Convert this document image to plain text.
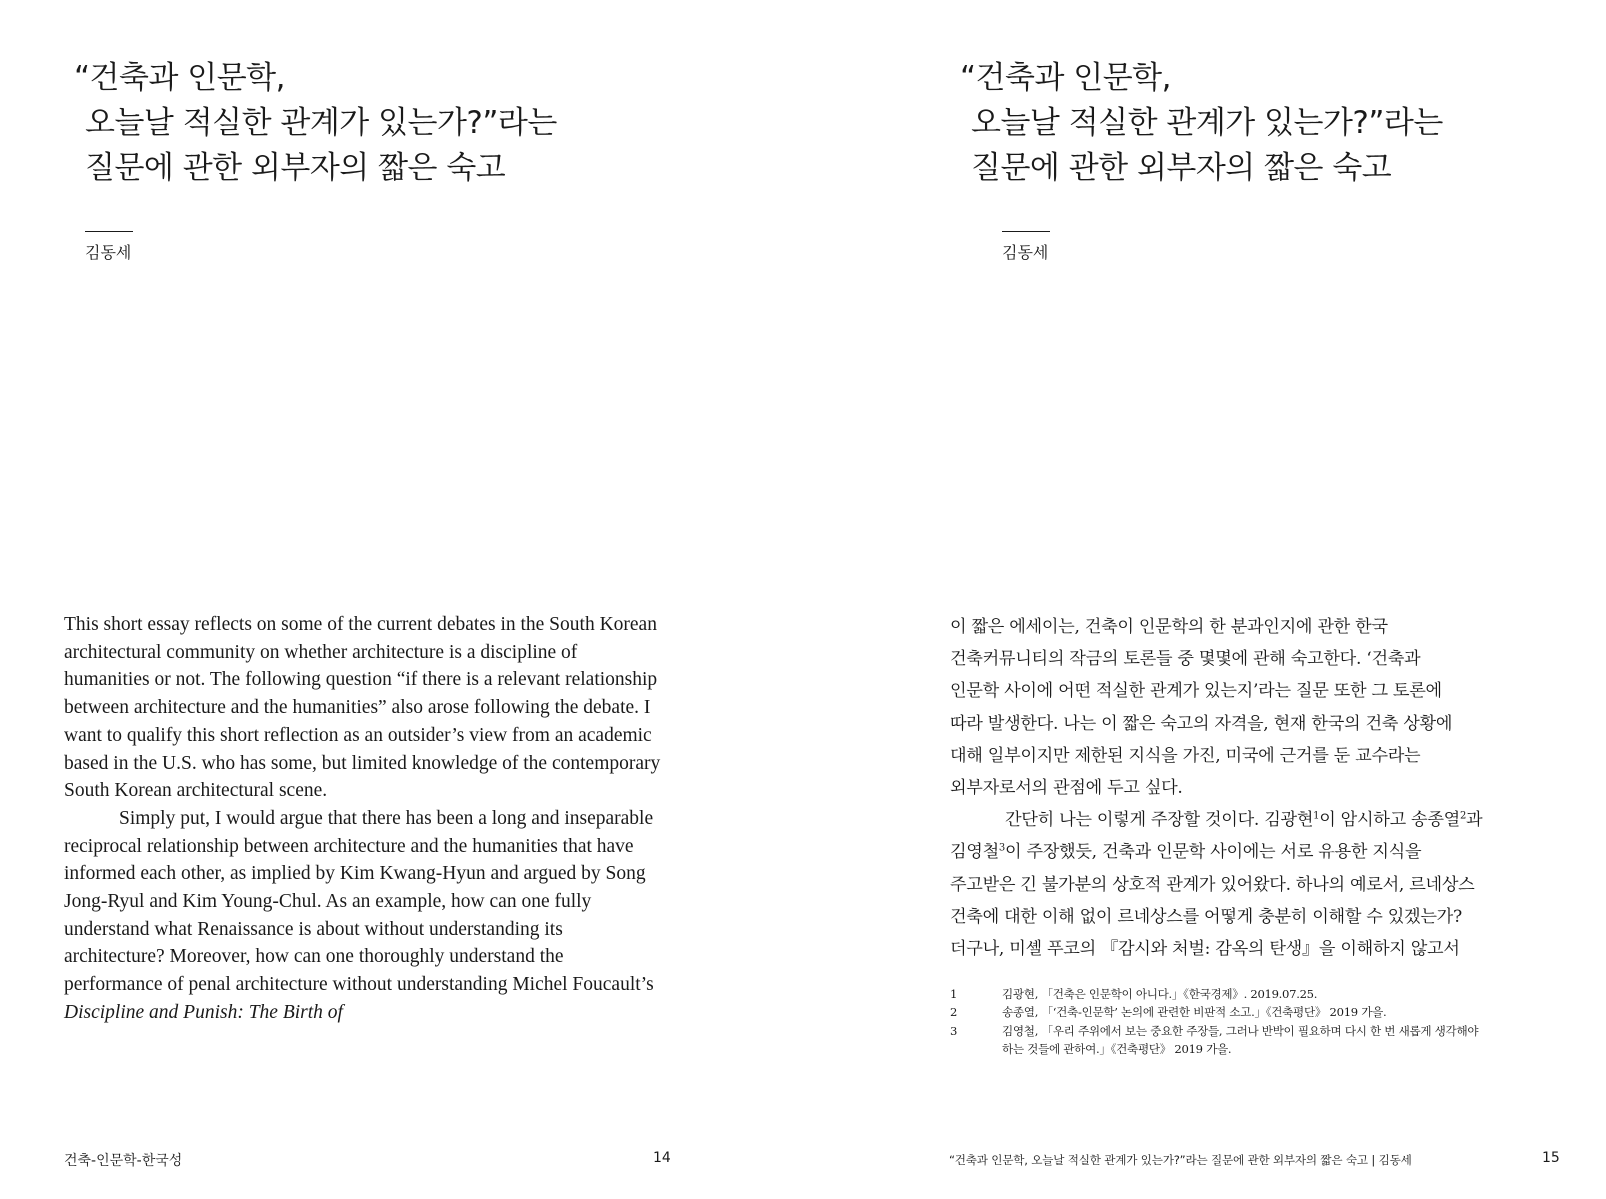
“건축과 인문학,
오늘날 적실한 관계가 있는가?”라는
질문에 관한 외부자의 짧은 숙고
김동세

This short essay reflects on some of the current debates in the South Korean architectural community on whether architecture is a discipline of humanities or not. The following question “if there is a relevant relationship between architecture and the humanities” also arose following the debate. I want to qualify this short reflection as an outsider’s view from an academic based in the U.S. who has some, but limited knowledge of the contemporary South Korean architectural scene.

Simply put, I would argue that there has been a long and inseparable reciprocal relationship between architecture and the humanities that have informed each other, as implied by Kim Kwang-Hyun and argued by Song Jong-Ryul and Kim Young-Chul. As an example, how can one fully understand what Renaissance is about without understanding its architecture? Moreover, how can one thoroughly understand the performance of penal architecture without understanding Michel Foucault’s Discipline and Punish: The Birth of

건축-인문학-한국성	14
“건축과 인문학,
오늘날 적실한 관계가 있는가?”라는
질문에 관한 외부자의 짧은 숙고
김동세
이 짧은 에세이는, 건축이 인문학의 한 분과인지에 관한 한국
건축커뮤니티의 작금의 토론들 중 몇몇에 관해 숙고한다. ‘건축과
인문학 사이에 어떤 적실한 관계가 있는지’라는 질문 또한 그 토론에
따라 발생한다. 나는 이 짧은 숙고의 자격을, 현재 한국의 건축 상황에
대해 일부이지만 제한된 지식을 가진, 미국에 근거를 둔 교수라는
외부자로서의 관점에 두고 싶다.
간단히 나는 이렇게 주장할 것이다. 김광현$^1$이 암시하고 송종열$^2$과
김영철$^3$이 주장했듯, 건축과 인문학 사이에는 서로 유용한 지식을
주고받은 긴 불가분의 상호적 관계가 있어왔다. 하나의 예로서, 르네상스
건축에 대한 이해 없이 르네상스를 어떻게 충분히 이해할 수 있겠는가?
더구나, 미셸 푸코의 『감시와 처벌: 감옥의 탄생』을 이해하지 않고서
1	김광현, 「건축은 인문학이 아니다.」《한국경제》. 2019.07.25.
2	송종열, 「‘건축-인문학’ 논의에 관련한 비판적 소고.」《건축평단》 2019 가을.
3	김영철, 「우리 주위에서 보는 중요한 주장들, 그러나 반박이 필요하며 다시 한 번 새롭게 생각해야
하는 것들에 관하여.」《건축평단》 2019 가을.
“건축과 인문학, 오늘날 적실한 관계가 있는가?”라는 질문에 관한 외부자의 짧은 숙고 | 김동세	15
